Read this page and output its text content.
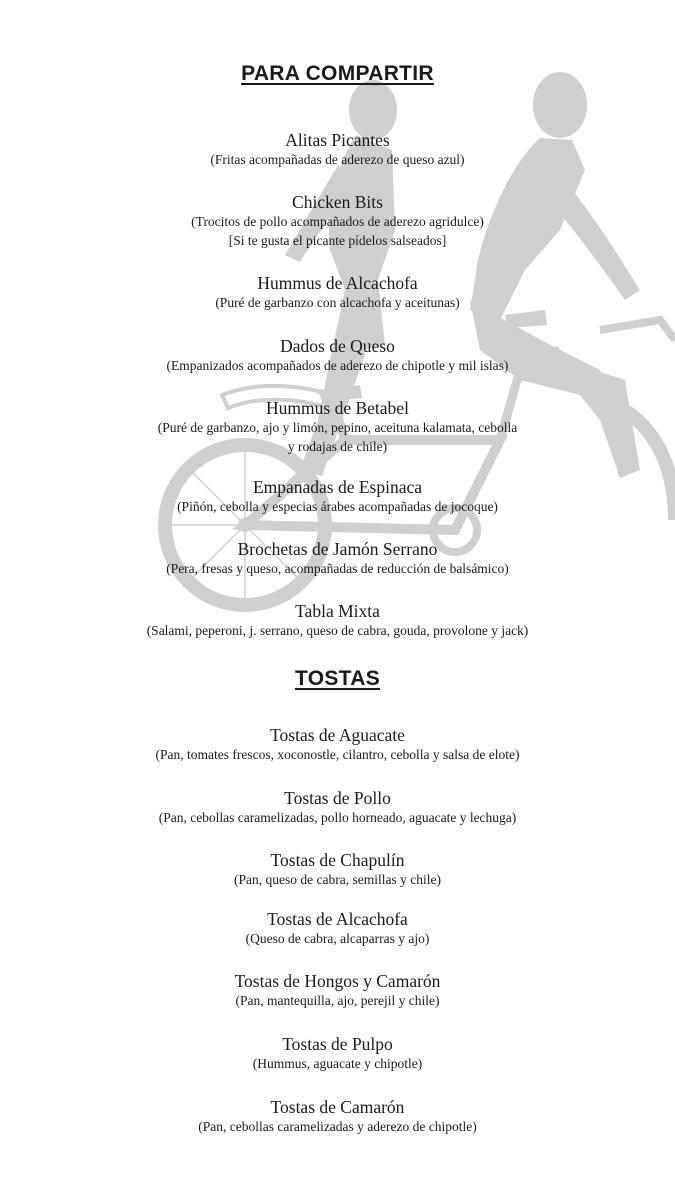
PARA COMPARTIR
Alitas Picantes
(Fritas acompañadas de aderezo de queso azul)
Chicken Bits
(Trocitos de pollo acompañados de aderezo agridulce)
[Si te gusta el picante pídelos salseados]
Hummus de Alcachofa
(Puré de garbanzo con alcachofa y aceitunas)
Dados de Queso
(Empanizados acompañados de aderezo de chipotle y mil islas)
Hummus de Betabel
(Puré de garbanzo, ajo y limón, pepino, aceituna kalamata, cebolla
y rodajas de chile)
Empanadas de Espinaca
(Piñón, cebolla y especias árabes acompañadas de jocoque)
Brochetas de Jamón Serrano
(Pera, fresas y queso, acompañadas de reducción de balsámico)
Tabla Mixta
(Salami, peperoni, j. serrano, queso de cabra, gouda, provolone y jack)
TOSTAS
Tostas de Aguacate
(Pan, tomates frescos, xoconostle, cilantro, cebolla y salsa de elote)
Tostas de Pollo
(Pan, cebollas caramelizadas, pollo horneado, aguacate y lechuga)
Tostas de Chapulín
(Pan, queso de cabra, semillas y chile)
Tostas de Alcachofa
(Queso de cabra, alcaparras y ajo)
Tostas de Hongos y Camarón
(Pan, mantequilla, ajo, perejil y chile)
Tostas de Pulpo
(Hummus, aguacate y chipotle)
Tostas de Camarón
(Pan, cebollas caramelizadas y aderezo de chipotle)
